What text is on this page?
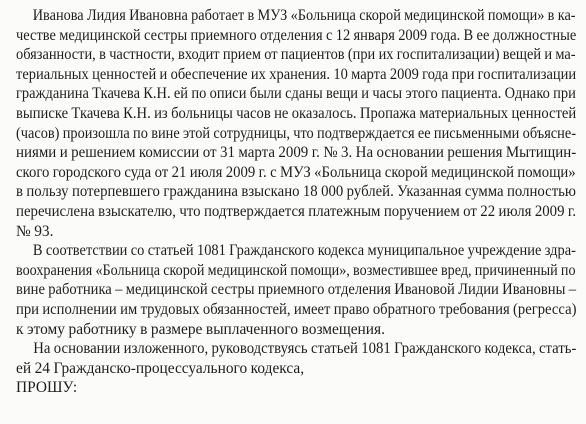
Иванова Лидия Ивановна работает в МУЗ «Больница скорой медицинской помощи» в ка-
честве медицинской сестры приемного отделения с 12 января 2009 года. В ее должностные
обязанности, в частности, входит прием от пациентов (при их госпитализации) вещей и ма-
териальных ценностей и обеспечение их хранения. 10 марта 2009 года при госпитализации
гражданина Ткачева К.Н. ей по описи были сданы вещи и часы этого пациента. Однако при
выписке Ткачева К.Н. из больницы часов не оказалось. Пропажа материальных ценностей
(часов) произошла по вине этой сотрудницы, что подтверждается ее письменными объясне-
ниями и решением комиссии от 31 марта 2009 г. № 3. На основании решения Мытищин-
ского городского суда от 21 июля 2009 г. с МУЗ «Больница скорой медицинской помощи»
в пользу потерпевшего гражданина взыскано 18 000 рублей. Указанная сумма полностью
перечислена взыскателю, что подтверждается платежным поручением от 22 июля 2009 г.
№ 93.

В соответствии со статьей 1081 Гражданского кодекса муниципальное учреждение здра-
воохранения «Больница скорой медицинской помощи», возместившее вред, причиненный по
вине работника – медицинской сестры приемного отделения Ивановой Лидии Ивановны –
при исполнении им трудовых обязанностей, имеет право обратного требования (регресса)
к этому работнику в размере выплаченного возмещения.

На основании изложенного, руководствуясь статьей 1081 Гражданского кодекса, стать-
ей 24 Гражданско-процессуального кодекса,

ПРОШУ:
